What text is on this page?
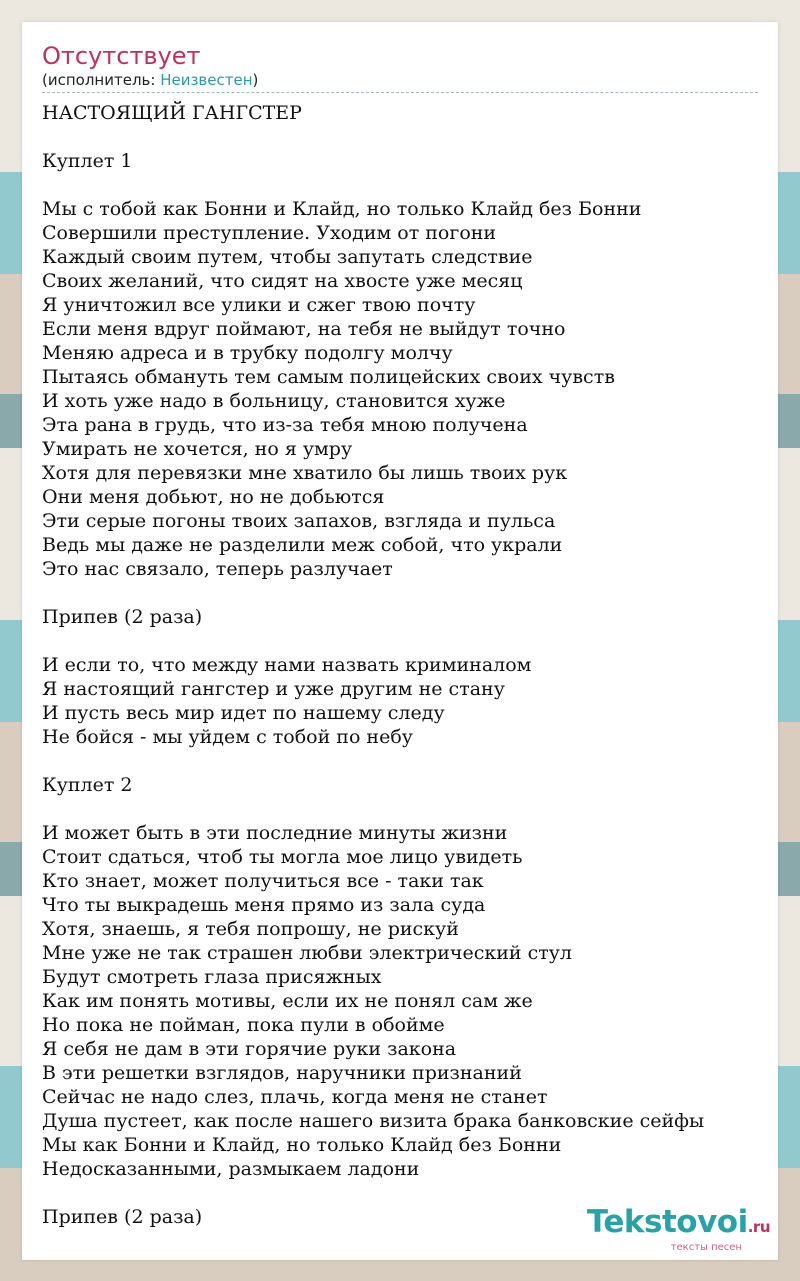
Отсутствует
(исполнитель: Неизвестен)
НАСТОЯЩИЙ ГАНГСТЕР
Куплет 1
Мы с тобой как Бонни и Клайд, но только Клайд без Бонни
Совершили преступление. Уходим от погони
Каждый своим путем, чтобы запутать следствие
Своих желаний, что сидят на хвосте уже месяц
Я уничтожил все улики и сжег твою почту
Если меня вдруг поймают, на тебя не выйдут точно
Меняю адреса и в трубку подолгу молчу
Пытаясь обмануть тем самым полицейских своих чувств
И хоть уже надо в больницу, становится хуже
Эта рана в грудь, что из-за тебя мною получена
Умирать не хочется, но я умру
Хотя для перевязки мне хватило бы лишь твоих рук
Они меня добьют, но не добьются
Эти серые погоны твоих запахов, взгляда и пульса
Ведь мы даже не разделили меж собой, что украли
Это нас связало, теперь разлучает
Припев (2 раза)
И если то, что между нами назвать криминалом
Я настоящий гангстер и уже другим не стану
И пусть весь мир идет по нашему следу
Не бойся - мы уйдем с тобой по небу
Куплет 2
И может быть в эти последние минуты жизни
Стоит сдаться, чтоб ты могла мое лицо увидеть
Кто знает, может получиться все - таки так
Что ты выкрадешь меня прямо из зала суда
Хотя, знаешь, я тебя попрошу, не рискуй
Мне уже не так страшен любви электрический стул
Будут смотреть глаза присяжных
Как им понять мотивы, если их не понял сам же
Но пока не пойман, пока пули в обойме
Я себя не дам в эти горячие руки закона
В эти решетки взглядов, наручники признаний
Сейчас не надо слез, плачь, когда меня не станет
Душа пустеет, как после нашего визита брака банковские сейфы
Мы как Бонни и Клайд, но только Клайд без Бонни
Недосказанными, размыкаем ладони
Припев (2 раза)	Tekstovoi.ru
тексты песен
